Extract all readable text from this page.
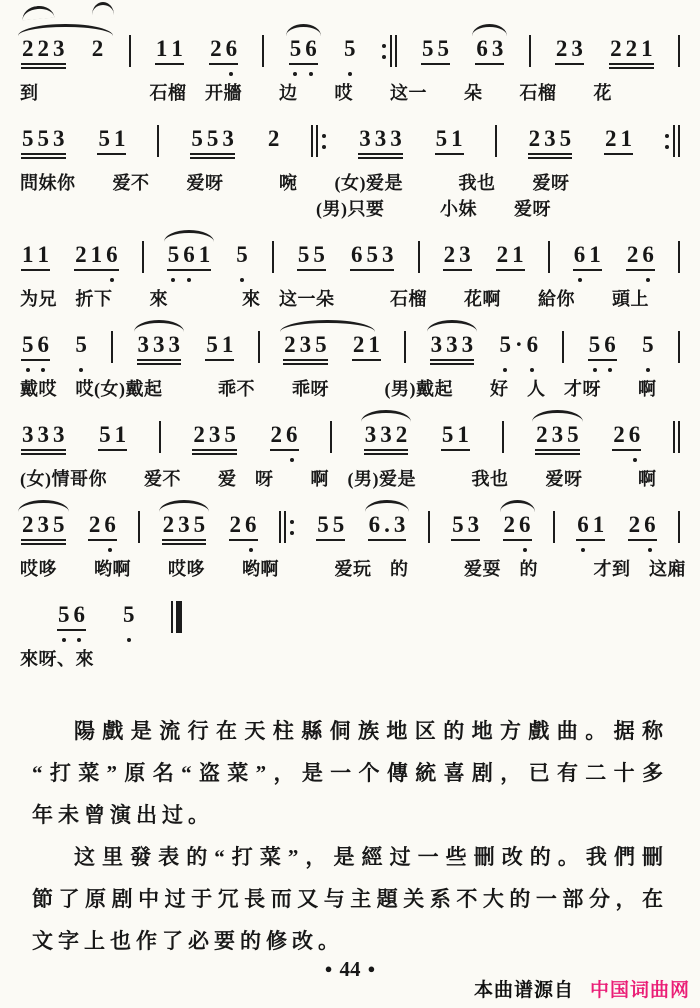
2 2 3 2 1 1 2 6 5 6 5	5 5 6 3 2 3 2 2 1
到　　　　　　石榴　开牆　　边　　哎　　这一　　朵　　石榴　　花
5 5 3 5 1	5 5 3 2	3 3 3 5 1	2 3 5 2 1
問妹你　　爱不　　爱呀　　　啘　　(女)爱是　　　我也　　爱呀
　　　　　　　　　　　　　　　　(男)只要　　　小妹　　爱呀
1 1 2 1 6 5 6 1 5 5 5 6 5 3 2 3 2 1 6 1 2 6
为兄　折下　　來　　　　來　这一朵　　　石榴　　花啊　　給你　　頭上
5 6 5 3 3 3 5 1 2 3 5 2 1 3 3 3 5 · 6 5 6 5
戴哎　哎(女)戴起　　　乖不　　乖呀　　　(男)戴起　　好　人　才呀　　啊
3 3 3 5 1	2 3 5 2 6	3 3 2 5 1	2 3 5 2 6
(女)情哥你　　爱不　　爱　呀　　啊　(男)爱是　　　我也　　爱呀　　　啊
2 3 5 2 6 2 3 5 2 6	5 5 6 . 3 5 3 2 6 6 1 2 6
哎哆　　哟啊　　哎哆　　哟啊　　　爱玩　的　　　爱耍　的　　　才到　这廂
5 6 5
來呀、來
陽戲是流行在天柱縣侗族地区的地方戲曲。据称
“打菜”原名“盗菜”，是一个傳統喜剧，已有二十多
年未曾演出过。
这里發表的“打菜”，是經过一些刪改的。我們刪
節了原剧中过于冗長而又与主題关系不大的一部分，在
文字上也作了必要的修改。
● 44 ●
本曲谱源自 中国词曲网
